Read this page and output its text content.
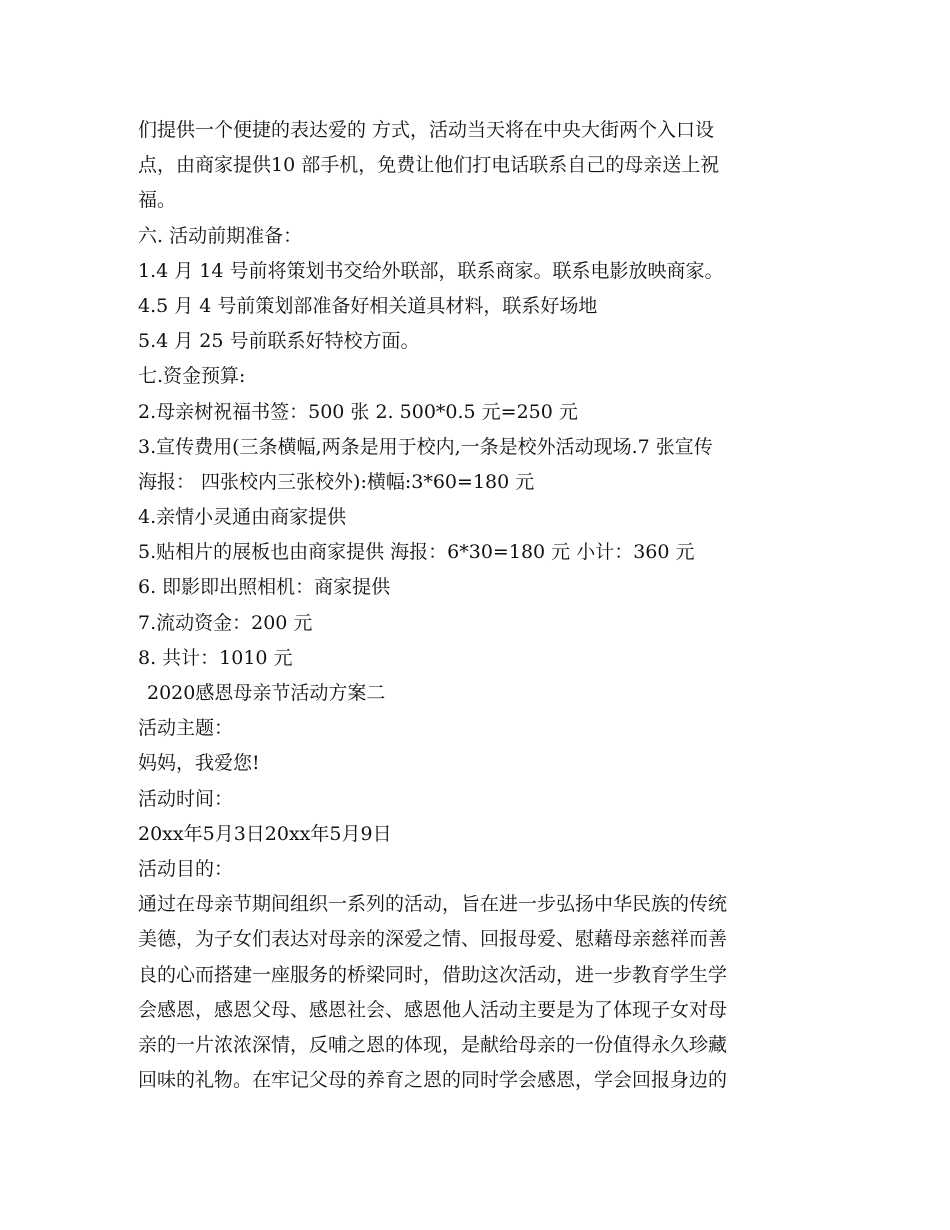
们提供一个便捷的表达爱的 方式，活动当天将在中央大街两个入口设
点，由商家提供10 部手机，免费让他们打电话联系自己的母亲送上祝
福。
六. 活动前期准备：
1.4 月 14 号前将策划书交给外联部，联系商家。联系电影放映商家。
4.5 月 4 号前策划部准备好相关道具材料，联系好场地
5.4 月 25 号前联系好特校方面。
七.资金预算:
2.母亲树祝福书签：500 张 2. 500*0.5 元=250 元
3.宣传费用(三条横幅,两条是用于校内,一条是校外活动现场.7 张宣传
海报： 四张校内三张校外):横幅:3*60=180 元
4.亲情小灵通由商家提供
5.贴相片的展板也由商家提供 海报：6*30=180 元 小计：360 元
6. 即影即出照相机：商家提供
7.流动资金：200 元
8. 共计：1010 元
2020感恩母亲节活动方案二
活动主题：
妈妈，我爱您!
活动时间：
20xx年5月3日20xx年5月9日
活动目的：
通过在母亲节期间组织一系列的活动，旨在进一步弘扬中华民族的传统
美德，为子女们表达对母亲的深爱之情、回报母爱、慰藉母亲慈祥而善
良的心而搭建一座服务的桥梁同时，借助这次活动，进一步教育学生学
会感恩，感恩父母、感恩社会、感恩他人活动主要是为了体现子女对母
亲的一片浓浓深情，反哺之恩的体现，是献给母亲的一份值得永久珍藏
回味的礼物。在牢记父母的养育之恩的同时学会感恩，学会回报身边的
